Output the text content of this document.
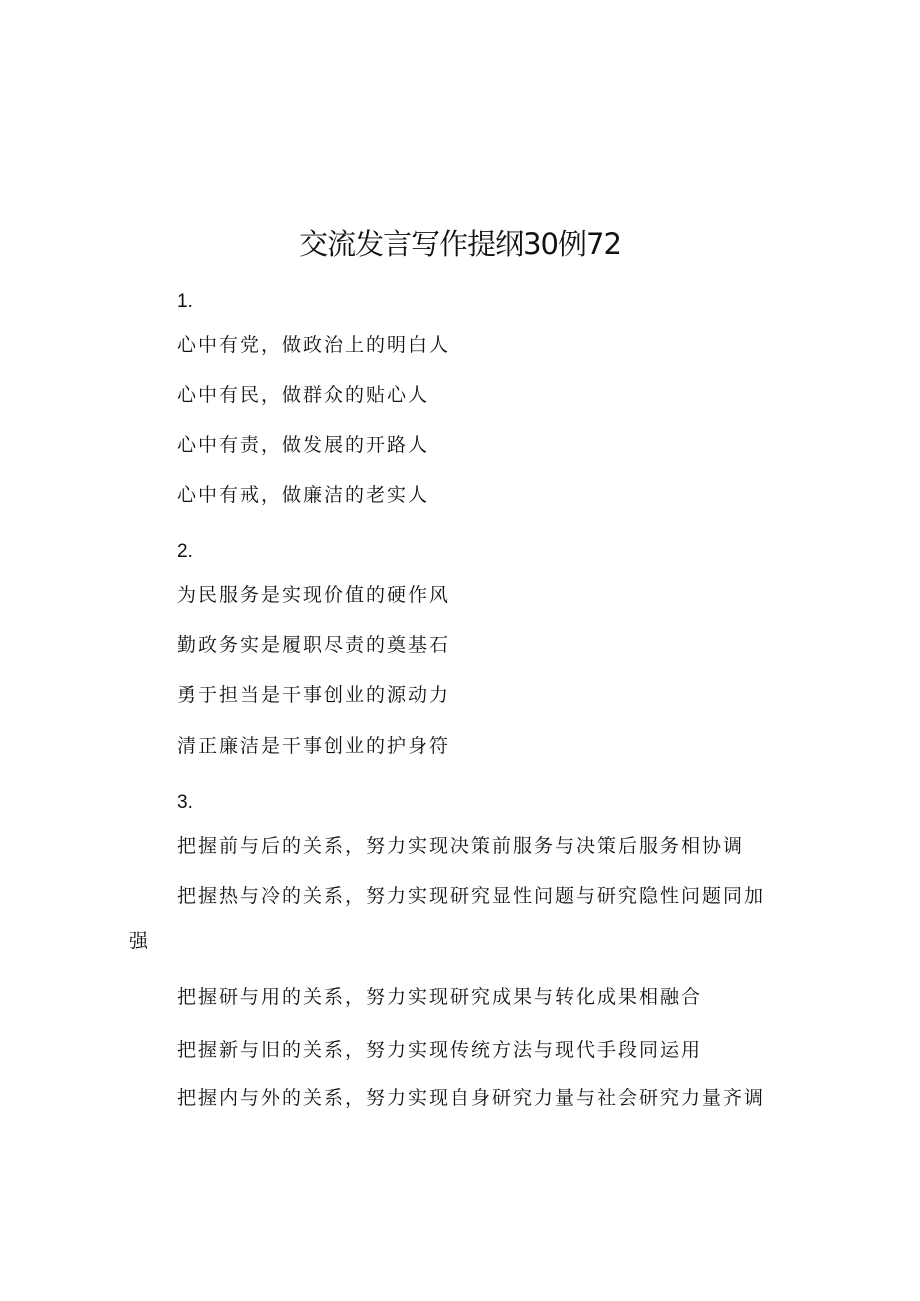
交流发言写作提纲30例72
1.
心中有党，做政治上的明白人
心中有民，做群众的贴心人
心中有责，做发展的开路人
心中有戒，做廉洁的老实人
2.
为民服务是实现价值的硬作风
勤政务实是履职尽责的奠基石
勇于担当是干事创业的源动力
清正廉洁是干事创业的护身符
3.
把握前与后的关系，努力实现决策前服务与决策后服务相协调
把握热与冷的关系，努力实现研究显性问题与研究隐性问题同加
强
把握研与用的关系，努力实现研究成果与转化成果相融合
把握新与旧的关系，努力实现传统方法与现代手段同运用
把握内与外的关系，努力实现自身研究力量与社会研究力量齐调
